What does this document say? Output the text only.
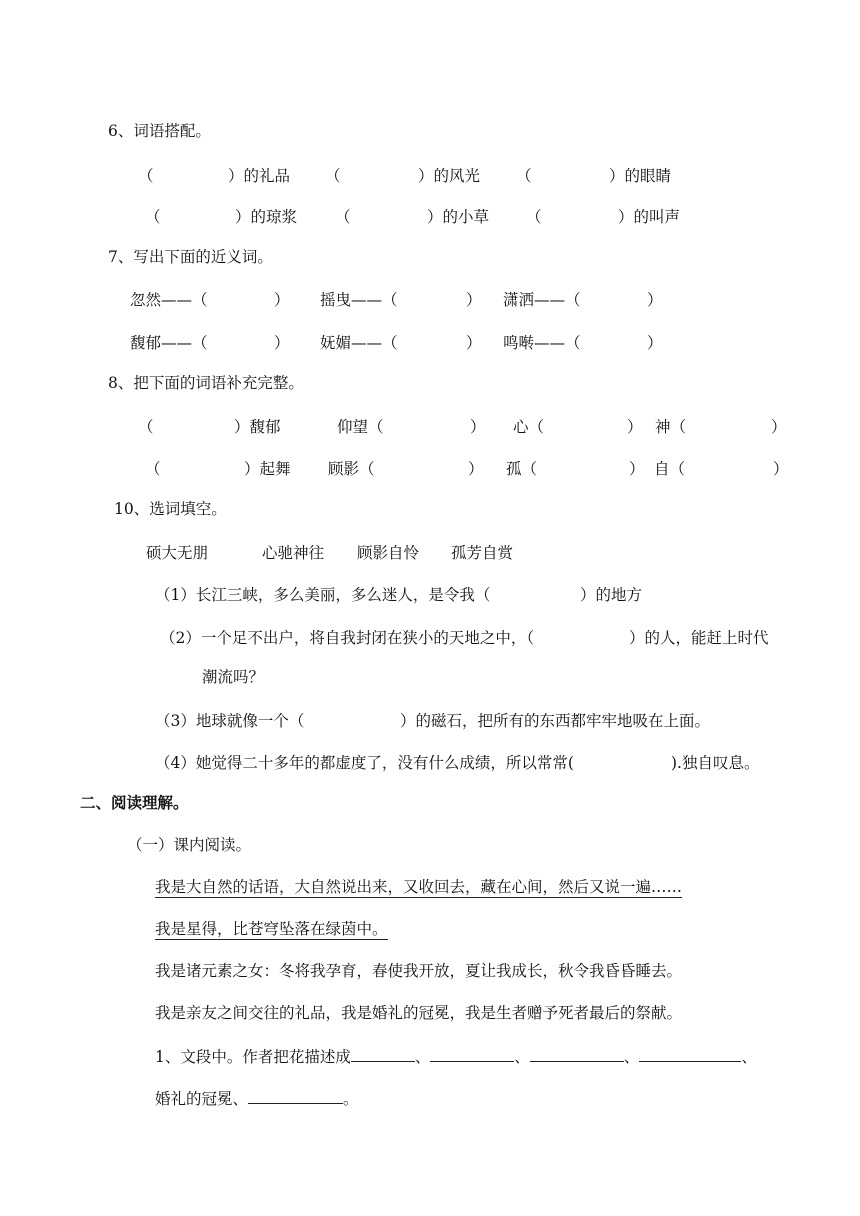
6、词语搭配。
（	）的礼品 （	）的风光 （	）的眼睛
（	）的琼浆 （	）的小草 （	）的叫声
7、写出下面的近义词。
忽然——（	） 摇曳——（	） 潇洒——（	）
馥郁——（	） 妩媚——（	） 鸣啭——（	）
8、把下面的词语补充完整。
（	）馥郁	仰望（	） 心（	） 神（	）
（	）起舞 顾影（	） 孤（	） 自（	）
10、选词填空。
硕大无朋	心驰神往 顾影自怜 孤芳自赏
（1）长江三峡，多么美丽，多么迷人，是令我（	）的地方
（2）一个足不出户，将自我封闭在狭小的天地之中，（	）的人，能赶上时代
潮流吗？
（3）地球就像一个（	）的磁石，把所有的东西都牢牢地吸在上面。
（4）她觉得二十多年的都虚度了，没有什么成绩，所以常常(	).独自叹息。
二、阅读理解。
（一）课内阅读。
我是大自然的话语，大自然说出来，又收回去，藏在心间，然后又说一遍……
我是星得，比苍穹坠落在绿茵中。
我是诸元素之女：冬将我孕育，春使我开放，夏让我成长，秋令我昏昏睡去。
我是亲友之间交往的礼品，我是婚礼的冠冕，我是生者赠予死者最后的祭献。
1、文段中。作者把花描述成	、	、	、	、
婚礼的冠冕、	。
